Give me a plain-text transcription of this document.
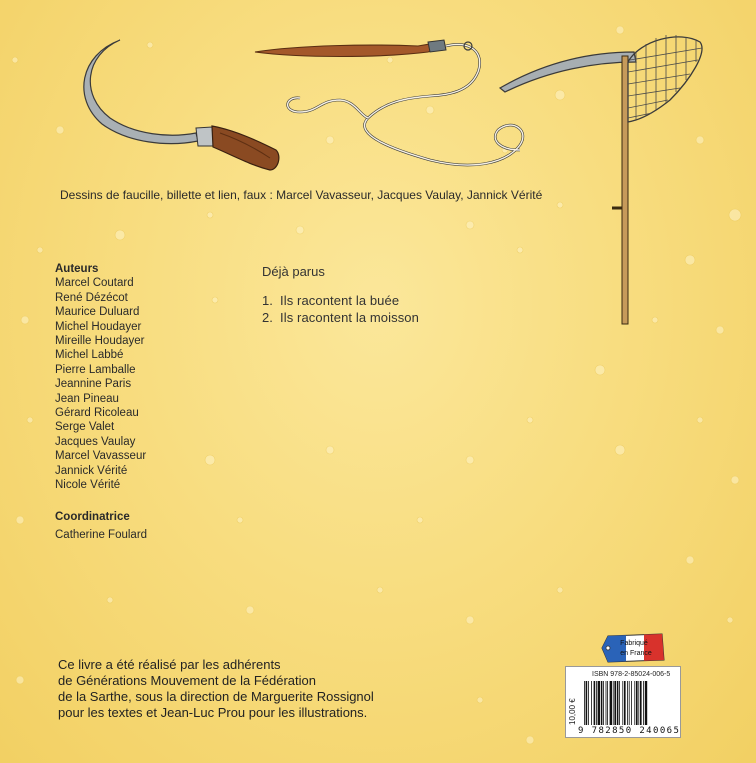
Dessins de faucille, billette et lien, faux : Marcel Vavasseur, Jacques Vaulay, Jannick Vérité
Auteurs
Marcel Coutard
René Dézécot
Maurice Duluard
Michel Houdayer
Mireille Houdayer
Michel Labbé
Pierre Lamballe
Jeannine Paris
Jean Pineau
Gérard Ricoleau
Serge Valet
Jacques Vaulay
Marcel Vavasseur
Jannick Vérité
Nicole Vérité
Coordinatrice
Catherine Foulard
Déjà parus
1. Ils racontent la buée
2. Ils racontent la moisson
Ce livre a été réalisé par les adhérents
de Générations Mouvement de la Fédération
de la Sarthe, sous la direction de Marguerite Rossignol
pour les textes et Jean-Luc Prou pour les illustrations.
Fabriqué
en France
ISBN 978-2-85024-006-5
10,00 €
9 782850 240065
